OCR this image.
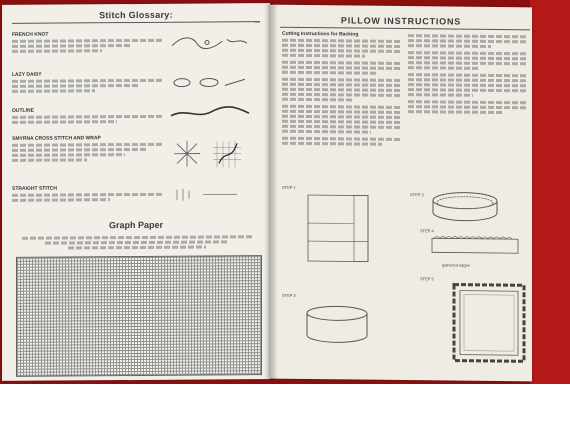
Stitch Glossary:
FRENCH KNOT
LAZY DAISY
OUTLINE
SMYRNA CROSS STITCH AND WRAP
STRAIGHT STITCH
Graph Paper
PILLOW INSTRUCTIONS
Cutting Instructions for Backing
STEP 1
STEP 2
STEP 3
STEP 4
gathered edges
STEP 5
